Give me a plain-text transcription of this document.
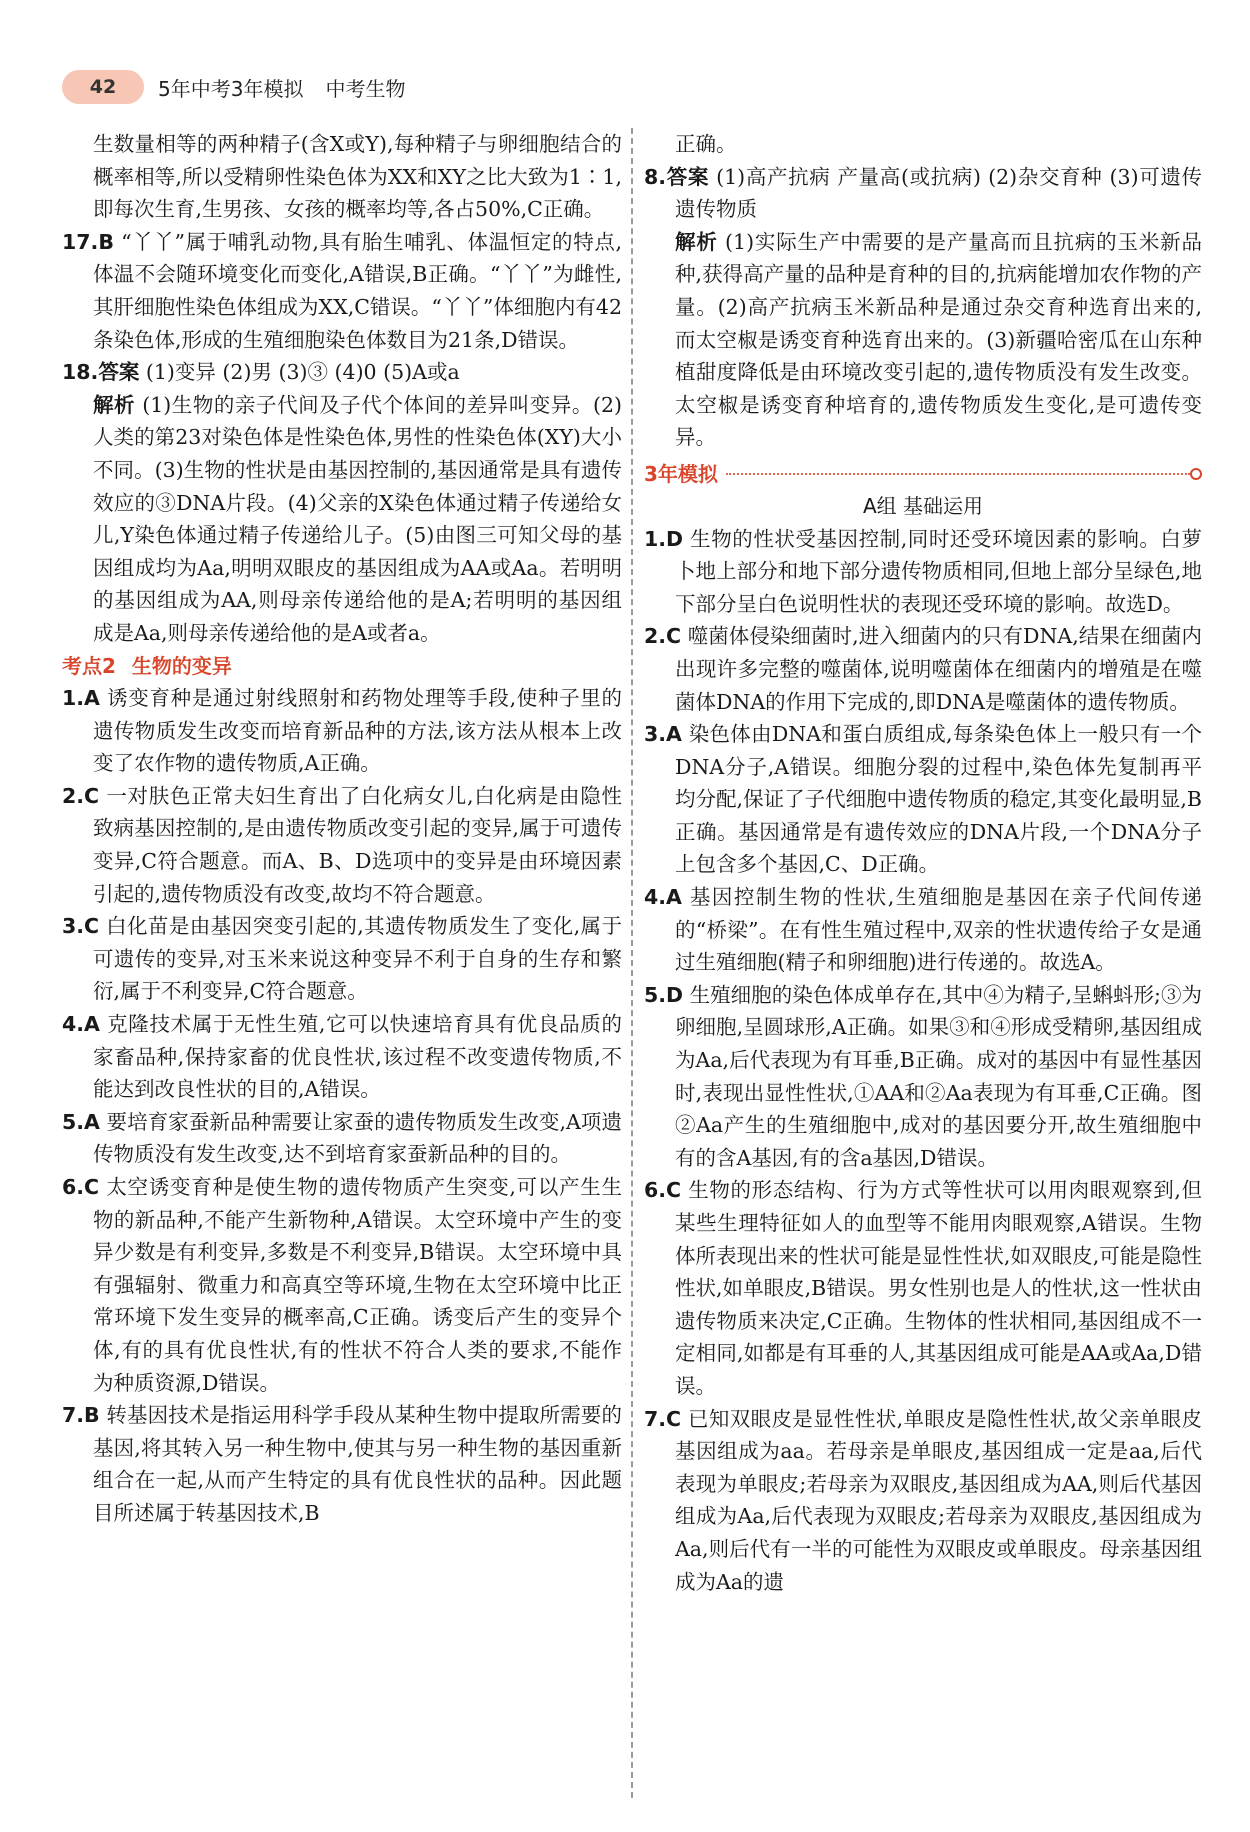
42	5年中考3年模拟 中考生物

生数量相等的两种精子(含X或Y),每种精子与卵细胞结合的概率相等,所以受精卵性染色体为XX和XY之比大致为1∶1,即每次生育,生男孩、女孩的概率均等,各占50%,C正确。

17.B “丫丫”属于哺乳动物,具有胎生哺乳、体温恒定的特点,体温不会随环境变化而变化,A错误,B正确。“丫丫”为雌性,其肝细胞性染色体组成为XX,C错误。“丫丫”体细胞内有42条染色体,形成的生殖细胞染色体数目为21条,D错误。

18.答案 (1)变异 (2)男 (3)③ (4)0 (5)A或a

解析 (1)生物的亲子代间及子代个体间的差异叫变异。(2)人类的第23对染色体是性染色体,男性的性染色体(XY)大小不同。(3)生物的性状是由基因控制的,基因通常是具有遗传效应的③DNA片段。(4)父亲的X染色体通过精子传递给女儿,Y染色体通过精子传递给儿子。(5)由图三可知父母的基因组成均为Aa,明明双眼皮的基因组成为AA或Aa。若明明的基因组成为AA,则母亲传递给他的是A;若明明的基因组成是Aa,则母亲传递给他的是A或者a。

考点2 生物的变异

1.A 诱变育种是通过射线照射和药物处理等手段,使种子里的遗传物质发生改变而培育新品种的方法,该方法从根本上改变了农作物的遗传物质,A正确。

2.C 一对肤色正常夫妇生育出了白化病女儿,白化病是由隐性致病基因控制的,是由遗传物质改变引起的变异,属于可遗传变异,C符合题意。而A、B、D选项中的变异是由环境因素引起的,遗传物质没有改变,故均不符合题意。

3.C 白化苗是由基因突变引起的,其遗传物质发生了变化,属于可遗传的变异,对玉米来说这种变异不利于自身的生存和繁衍,属于不利变异,C符合题意。

4.A 克隆技术属于无性生殖,它可以快速培育具有优良品质的家畜品种,保持家畜的优良性状,该过程不改变遗传物质,不能达到改良性状的目的,A错误。

5.A 要培育家蚕新品种需要让家蚕的遗传物质发生改变,A项遗传物质没有发生改变,达不到培育家蚕新品种的目的。

6.C 太空诱变育种是使生物的遗传物质产生突变,可以产生生物的新品种,不能产生新物种,A错误。太空环境中产生的变异少数是有利变异,多数是不利变异,B错误。太空环境中具有强辐射、微重力和高真空等环境,生物在太空环境中比正常环境下发生变异的概率高,C正确。诱变后产生的变异个体,有的具有优良性状,有的性状不符合人类的要求,不能作为种质资源,D错误。

7.B 转基因技术是指运用科学手段从某种生物中提取所需要的基因,将其转入另一种生物中,使其与另一种生物的基因重新组合在一起,从而产生特定的具有优良性状的品种。因此题目所述属于转基因技术,B

正确。

8.答案 (1)高产抗病 产量高(或抗病) (2)杂交育种 (3)可遗传 遗传物质

解析 (1)实际生产中需要的是产量高而且抗病的玉米新品种,获得高产量的品种是育种的目的,抗病能增加农作物的产量。(2)高产抗病玉米新品种是通过杂交育种选育出来的,而太空椒是诱变育种选育出来的。(3)新疆哈密瓜在山东种植甜度降低是由环境改变引起的,遗传物质没有发生改变。太空椒是诱变育种培育的,遗传物质发生变化,是可遗传变异。

3年模拟

A组 基础运用

1.D 生物的性状受基因控制,同时还受环境因素的影响。白萝卜地上部分和地下部分遗传物质相同,但地上部分呈绿色,地下部分呈白色说明性状的表现还受环境的影响。故选D。

2.C 噬菌体侵染细菌时,进入细菌内的只有DNA,结果在细菌内出现许多完整的噬菌体,说明噬菌体在细菌内的增殖是在噬菌体DNA的作用下完成的,即DNA是噬菌体的遗传物质。

3.A 染色体由DNA和蛋白质组成,每条染色体上一般只有一个DNA分子,A错误。细胞分裂的过程中,染色体先复制再平均分配,保证了子代细胞中遗传物质的稳定,其变化最明显,B正确。基因通常是有遗传效应的DNA片段,一个DNA分子上包含多个基因,C、D正确。

4.A 基因控制生物的性状,生殖细胞是基因在亲子代间传递的“桥梁”。在有性生殖过程中,双亲的性状遗传给子女是通过生殖细胞(精子和卵细胞)进行传递的。故选A。

5.D 生殖细胞的染色体成单存在,其中④为精子,呈蝌蚪形;③为卵细胞,呈圆球形,A正确。如果③和④形成受精卵,基因组成为Aa,后代表现为有耳垂,B正确。成对的基因中有显性基因时,表现出显性性状,①AA和②Aa表现为有耳垂,C正确。图②Aa产生的生殖细胞中,成对的基因要分开,故生殖细胞中有的含A基因,有的含a基因,D错误。

6.C 生物的形态结构、行为方式等性状可以用肉眼观察到,但某些生理特征如人的血型等不能用肉眼观察,A错误。生物体所表现出来的性状可能是显性性状,如双眼皮,可能是隐性性状,如单眼皮,B错误。男女性别也是人的性状,这一性状由遗传物质来决定,C正确。生物体的性状相同,基因组成不一定相同,如都是有耳垂的人,其基因组成可能是AA或Aa,D错误。

7.C 已知双眼皮是显性性状,单眼皮是隐性性状,故父亲单眼皮基因组成为aa。若母亲是单眼皮,基因组成一定是aa,后代表现为单眼皮;若母亲为双眼皮,基因组成为AA,则后代基因组成为Aa,后代表现为双眼皮;若母亲为双眼皮,基因组成为Aa,则后代有一半的可能性为双眼皮或单眼皮。母亲基因组成为Aa的遗
